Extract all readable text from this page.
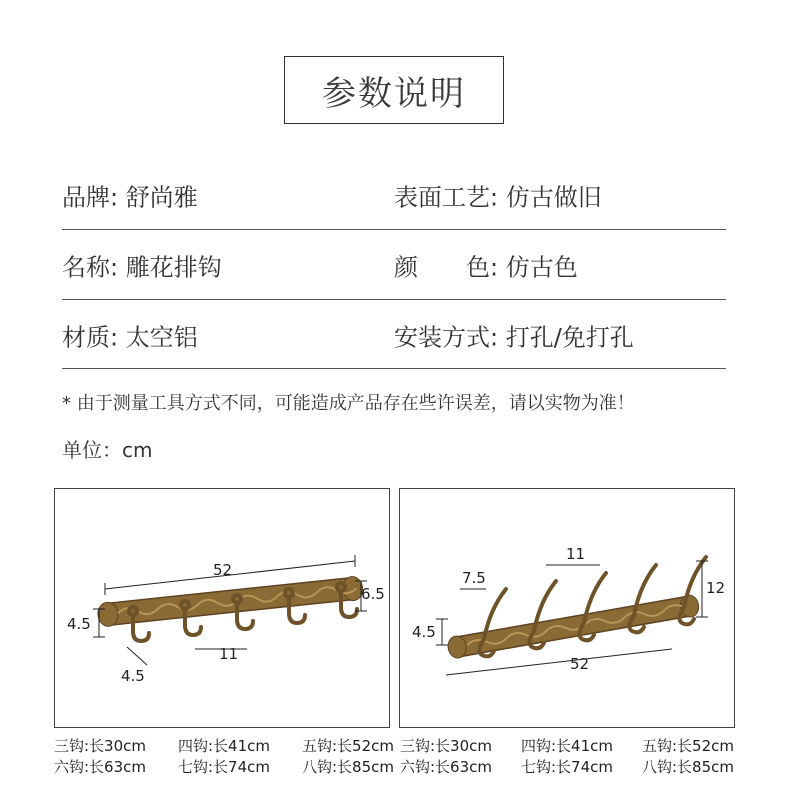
参数说明
品牌: 舒尚雅	表面工艺: 仿古做旧
名称: 雕花排钩	颜　　色: 仿古色
材质: 太空铝	安装方式: 打孔/免打孔
* 由于测量工具方式不同，可能造成产品存在些许误差，请以实物为准！
单位：cm
52
6.5
4.5
11
4.5
11
12
7.5
4.5
52
三钩:长30cm 四钩:长41cm 五钩:长52cm
六钩:长63cm 七钩:长74cm 八钩:长85cm
三钩:长30cm 四钩:长41cm 五钩:长52cm
六钩:长63cm 七钩:长74cm 八钩:长85cm
